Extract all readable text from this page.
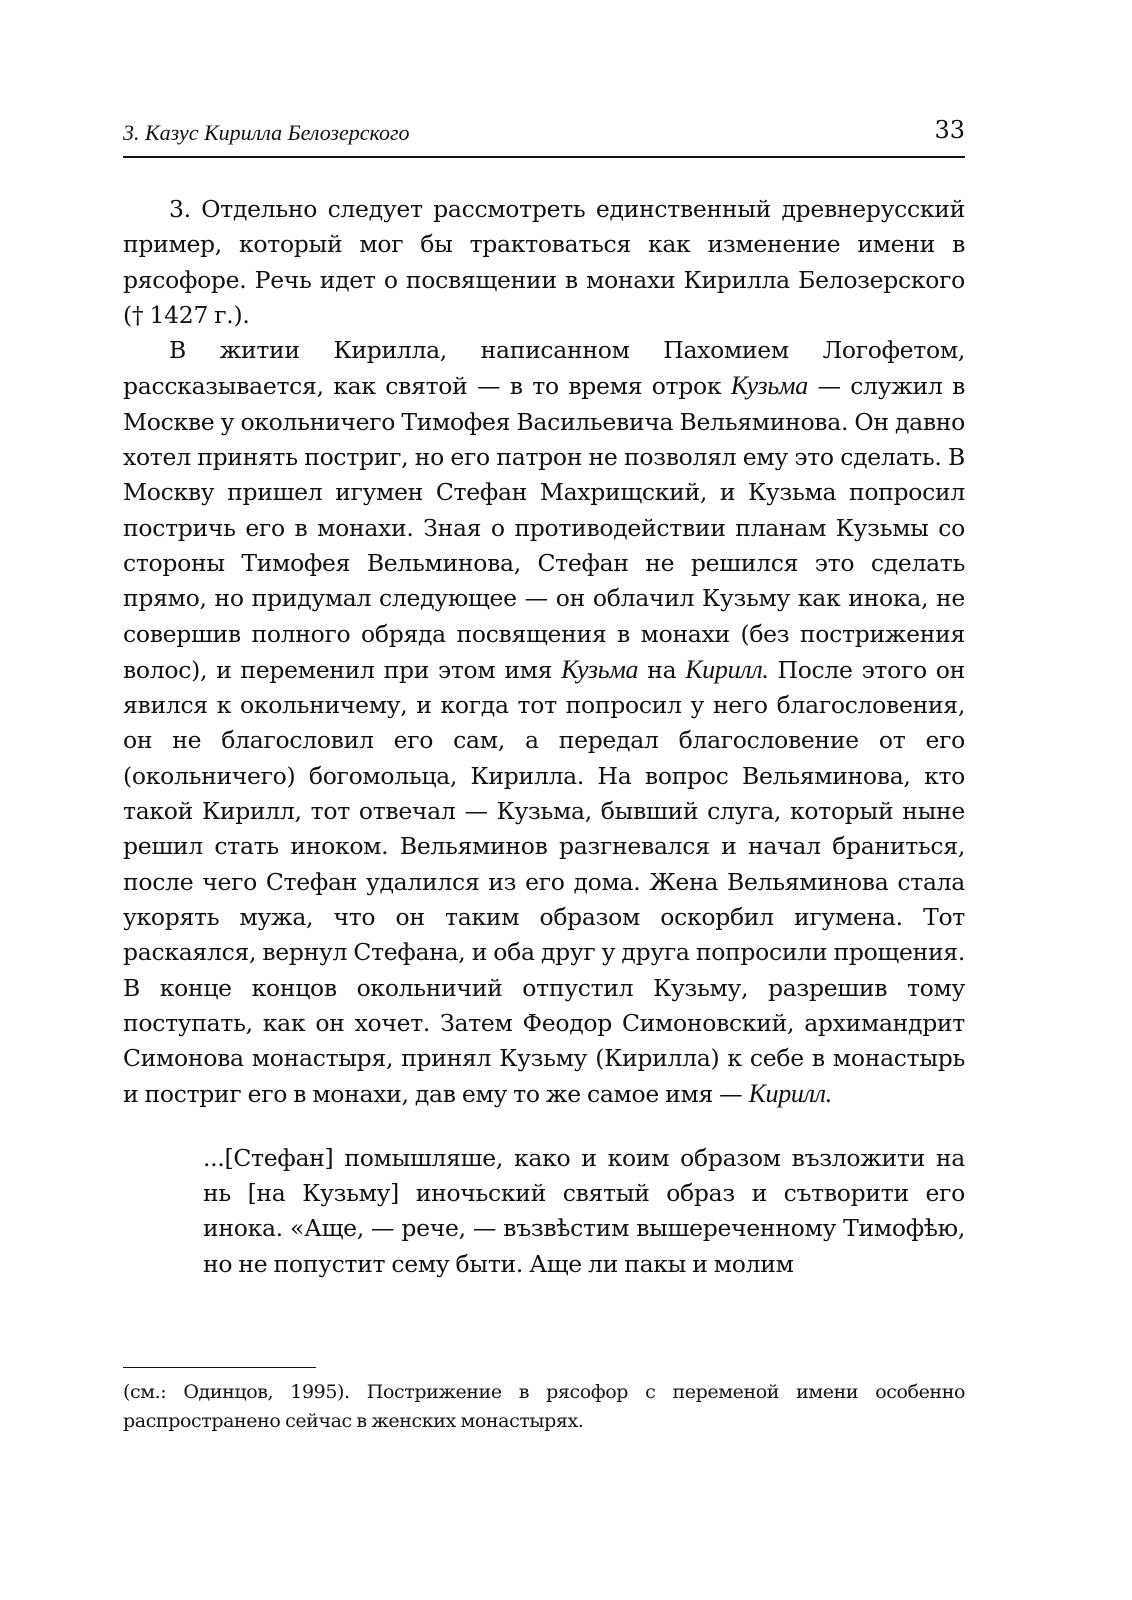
3. Казус Кирилла Белозерского	33

3. Отдельно следует рассмотреть единственный древнерусский пример, который мог бы трактоваться как изменение имени в рясофоре. Речь идет о посвящении в монахи Кирилла Белозерского († 1427 г.).

В житии Кирилла, написанном Пахомием Логофетом, рассказывается, как святой — в то время отрок Кузьма — служил в Москве у окольничего Тимофея Васильевича Вельяминова. Он давно хотел принять постриг, но его патрон не позволял ему это сделать. В Москву пришел игумен Стефан Махрищский, и Кузьма попросил постричь его в монахи. Зная о противодействии планам Кузьмы со стороны Тимофея Вельминова, Стефан не решился это сделать прямо, но придумал следующее — он облачил Кузьму как инока, не совершив полного обряда посвящения в монахи (без пострижения волос), и переменил при этом имя Кузьма на Кирилл. После этого он явился к окольничему, и когда тот попросил у него благословения, он не благословил его сам, а передал благословение от его (окольничего) богомольца, Кирилла. На вопрос Вельяминова, кто такой Кирилл, тот отвечал — Кузьма, бывший слуга, который ныне решил стать иноком. Вельяминов разгневался и начал браниться, после чего Стефан удалился из его дома. Жена Вельяминова стала укорять мужа, что он таким образом оскорбил игумена. Тот раскаялся, вернул Стефана, и оба друг у друга попросили прощения. В конце концов окольничий отпустил Кузьму, разрешив тому поступать, как он хочет. Затем Феодор Симоновский, архимандрит Симонова монастыря, принял Кузьму (Кирилла) к себе в монастырь и постриг его в монахи, дав ему то же самое имя — Кирилл.

...[Стефан] помышляше, како и коим образом възложити на нь [на Кузьму] иночьский святый образ и сътворити его инока. «Аще, — рече, — възвѣстим вышереченному Тимофѣю, но не попустит сему быти. Аще ли пакы и молим

(см.: Одинцов, 1995). Пострижение в рясофор с переменой имени особенно распространено сейчас в женских монастырях.
